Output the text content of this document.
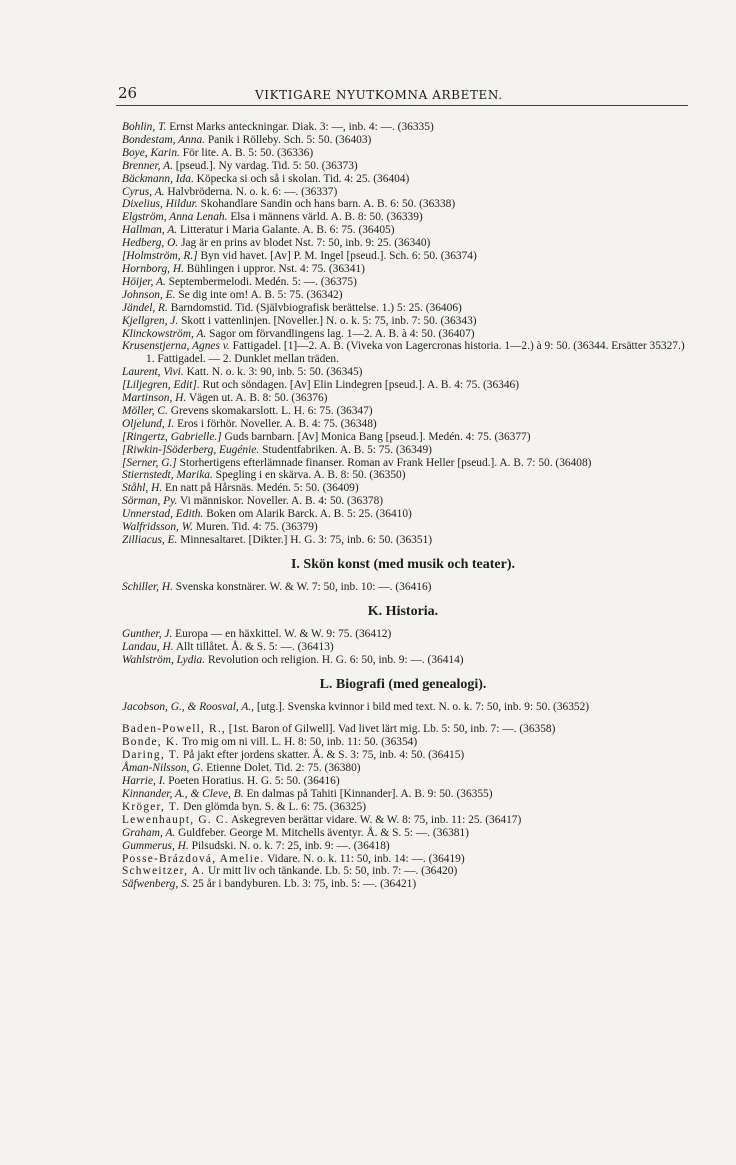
26	VIKTIGARE NYUTKOMNA ARBETEN.
Bohlin, T. Ernst Marks anteckningar. Diak. 3: —, inb. 4: —. (36335)
Bondestam, Anna. Panik i Rölleby. Sch. 5: 50. (36403)
Boye, Karin. För lite. A. B. 5: 50. (36336)
Brenner, A. [pseud.]. Ny vardag. Tid. 5: 50. (36373)
Bäckmann, Ida. Köpecka si och så i skolan. Tid. 4: 25. (36404)
Cyrus, A. Halvbröderna. N. o. k. 6: —. (36337)
Dixelius, Hildur. Skohandlare Sandin och hans barn. A. B. 6: 50. (36338)
Elgström, Anna Lenah. Elsa i männens värld. A. B. 8: 50. (36339)
Hallman, A. Litteratur i Maria Galante. A. B. 6: 75. (36405)
Hedberg, O. Jag är en prins av blodet Nst. 7: 50, inb. 9: 25. (36340)
[Holmström, R.] Byn vid havet. [Av] P. M. Ingel [pseud.]. Sch. 6: 50. (36374)
Hornborg, H. Bühlingen i uppror. Nst. 4: 75. (36341)
Höijer, A. Septembermelodi. Medén. 5: —. (36375)
Johnson, E. Se dig inte om! A. B. 5: 75. (36342)
Jändel, R. Barndomstid. Tid. (Självbiografisk berättelse. 1.) 5: 25. (36406)
Kjellgren, J. Skott i vattenlinjen. [Noveller.] N. o. k. 5: 75, inb. 7: 50. (36343)
Klinckowström, A. Sagor om förvandlingens lag. 1—2. A. B. à 4: 50. (36407)
Krusenstjerna, Agnes v. Fattigadel. [1]—2. A. B. (Viveka von Lagercronas historia. 1—2.) à 9: 50. (36344. Ersätter 35327.) 1. Fattigadel. — 2. Dunklet mellan träden.
Laurent, Vivi. Katt. N. o. k. 3: 90, inb. 5: 50. (36345)
[Liljegren, Edit]. Rut och söndagen. [Av] Elin Lindegren [pseud.]. A. B. 4: 75. (36346)
Martinson, H. Vägen ut. A. B. 8: 50. (36376)
Möller, C. Grevens skomakarslott. L. H. 6: 75. (36347)
Oljelund, I. Eros i förhör. Noveller. A. B. 4: 75. (36348)
[Ringertz, Gabrielle.] Guds barnbarn. [Av] Monica Bang [pseud.]. Medén. 4: 75. (36377)
[Riwkin-]Söderberg, Eugénie. Studentfabriken. A. B. 5: 75. (36349)
[Serner, G.] Storhertigens efterlämnade finanser. Roman av Frank Heller [pseud.]. A. B. 7: 50. (36408)
Stiernstedt, Marika. Spegling i en skärva. A. B. 8: 50. (36350)
Ståhl, H. En natt på Hårsnäs. Medén. 5: 50. (36409)
Sörman, Py. Vi människor. Noveller. A. B. 4: 50. (36378)
Unnerstad, Edith. Boken om Alarik Barck. A. B. 5: 25. (36410)
Walfridsson, W. Muren. Tid. 4: 75. (36379)
Zilliacus, E. Minnesaltaret. [Dikter.] H. G. 3: 75, inb. 6: 50. (36351)
I. Skön konst (med musik och teater).
Schiller, H. Svenska konstnärer. W. & W. 7: 50, inb. 10: —. (36416)
K. Historia.
Gunther, J. Europa — en häxkittel. W. & W. 9: 75. (36412)
Landau, H. Allt tillåtet. Å. & S. 5: —. (36413)
Wahlström, Lydia. Revolution och religion. H. G. 6: 50, inb. 9: —. (36414)
L. Biografi (med genealogi).
Jacobson, G., & Roosval, A., [utg.]. Svenska kvinnor i bild med text. N. o. k. 7: 50, inb. 9: 50. (36352)
Baden-Powell, R., [1st. Baron of Gilwell]. Vad livet lärt mig. Lb. 5: 50, inb. 7: —. (36358)
Bonde, K. Tro mig om ni vill. L. H. 8: 50, inb. 11: 50. (36354)
Daring, T. På jakt efter jordens skatter. Å. & S. 3: 75, inb. 4: 50. (36415)
Åman-Nilsson, G. Etienne Dolet. Tid. 2: 75. (36380)
Harrie, I. Poeten Horatius. H. G. 5: 50. (36416)
Kinnander, A., & Cleve, B. En dalmas på Tahiti [Kinnander]. A. B. 9: 50. (36355)
Kröger, T. Den glömda byn. S. & L. 6: 75. (36325)
Lewenhaupt, G. C. Askegreven berättar vidare. W. & W. 8: 75, inb. 11: 25. (36417)
Graham, A. Guldfeber. George M. Mitchells äventyr. Å. & S. 5: —. (36381)
Gummerus, H. Pilsudski. N. o. k. 7: 25, inb. 9: —. (36418)
Posse-Brázdová, Amelie. Vidare. N. o. k. 11: 50, inb. 14: —. (36419)
Schweitzer, A. Ur mitt liv och tänkande. Lb. 5: 50, inb. 7: —. (36420)
Säfwenberg, S. 25 år i bandyburen. Lb. 3: 75, inb. 5: —. (36421)
